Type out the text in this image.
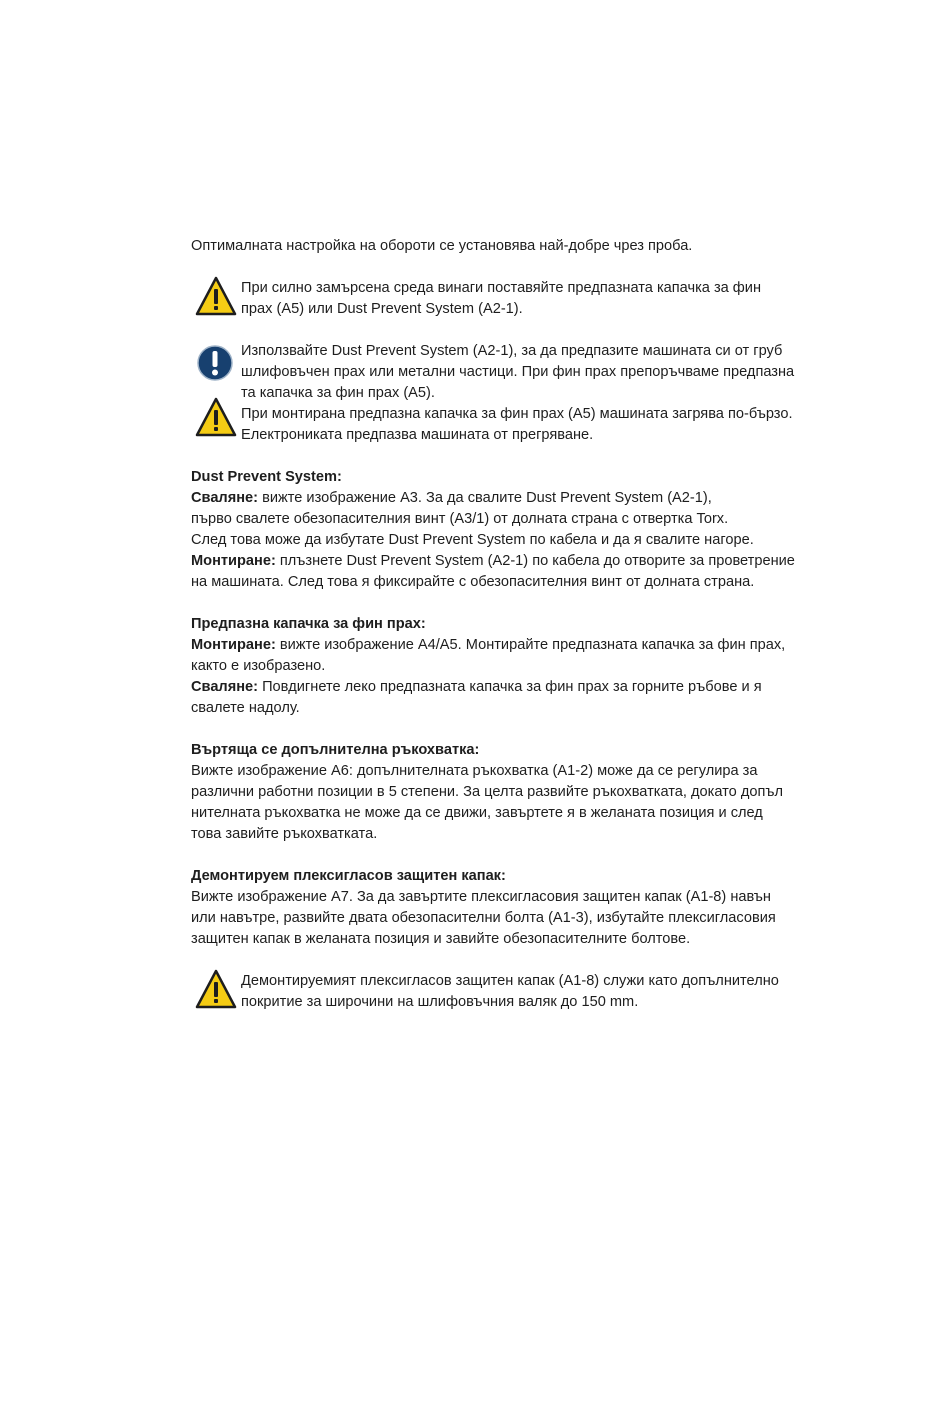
Оптималната настройка на обороти се установява най-добре чрез проба.

При силно замърсена среда винаги поставяйте предпазната капачка за фин

прах (А5) или Dust Prevent System (А2-1).

Използвайте Dust Prevent System (А2-1), за да предпазите машината си от груб

шлифовъчен прах или метални частици. При фин прах препоръчваме предпазна

та капачка за фин прах (А5).

При монтирана предпазна капачка за фин прах (А5) машината загрява по-бързо.

Електрониката предпазва машината от прегряване.

Dust Prevent System:

Сваляне: вижте изображение А3. За да свалите Dust Prevent System (А2-1),

първо свалете обезопасителния винт (А3/1) от долната страна с отвертка Torx.

След това може да избутате Dust Prevent System по кабела и да я свалите нагоре.

Монтиране: плъзнете Dust Prevent System (А2-1) по кабела до отворите за проветрение

на машината. След това я фиксирайте с обезопасителния винт от долната страна.

Предпазна капачка за фин прах:

Монтиране: вижте изображение А4/А5. Монтирайте предпазната капачка за фин прах,

както е изобразено.

Сваляне: Повдигнете леко предпазната капачка за фин прах за горните ръбове и я

свалете надолу.

Въртяща се допълнителна ръкохватка:

Вижте изображение А6: допълнителната ръкохватка (А1-2) може да се регулира за

различни работни позиции в 5 степени. За целта развийте ръкохватката, докато допъл

нителната ръкохватка не може да се движи, завъртете я в желаната позиция и след

това завийте ръкохватката.

Демонтируем плексигласов защитен капак:

Вижте изображение А7. За да завъртите плексигласовия защитен капак (А1-8) навън

или навътре, развийте двата обезопасителни болта (А1-3), избутайте плексигласовия

защитен капак в желаната позиция и завийте обезопасителните болтове.

Демонтируемият плексигласов защитен капак (А1-8) служи като допълнително

покритие за широчини на шлифовъчния валяк до 150 mm.
